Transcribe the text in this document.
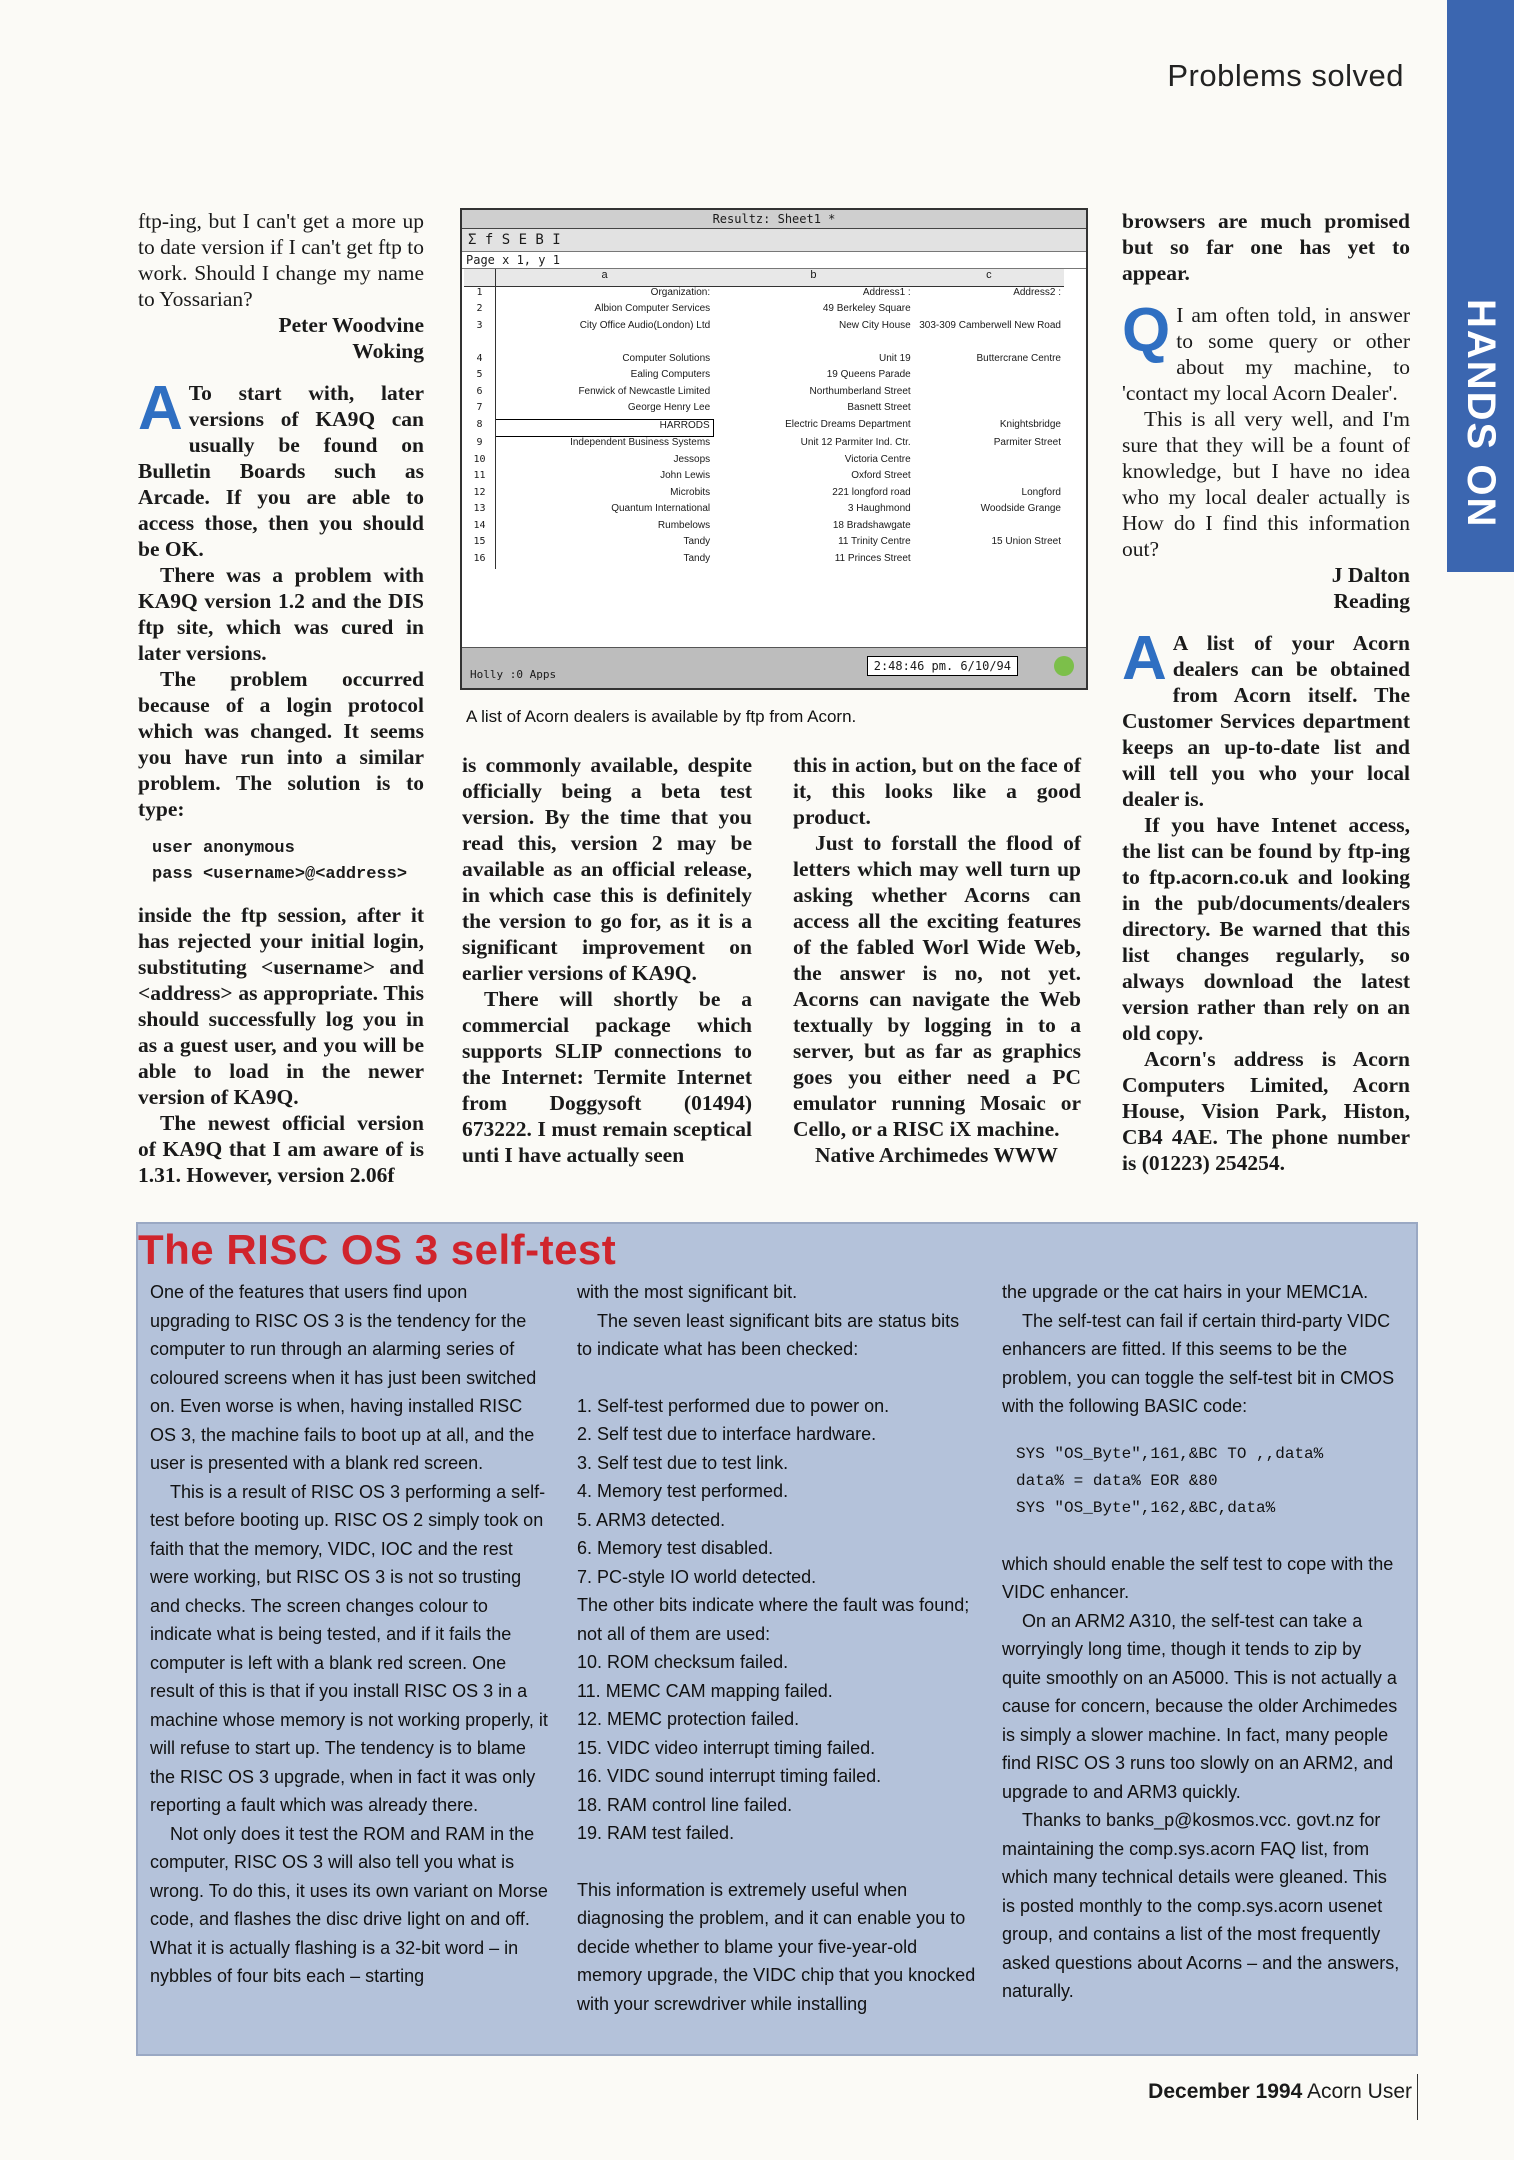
Problems solved
HANDS ON

ftp-ing, but I can't get a more up to date version if I can't get ftp to work. Should I change my name to Yossarian?

Peter Woodvine
Woking
A To start with, later versions of KA9Q can usually be found on Bulletin Boards such as Arcade. If you are able to access those, then you should be OK.

There was a problem with KA9Q version 1.2 and the DIS ftp site, which was cured in later versions.

The problem occurred because of a login protocol which was changed. It seems you have run into a similar problem. The solution is to type:

user anonymous
pass <username>@<address>

inside the ftp session, after it has rejected your initial login, substituting <username> and <address> as appropriate. This should successfully log you in as a guest user, and you will be able to load in the newer version of KA9Q.

The newest official version of KA9Q that I am aware of is 1.31. However, version 2.06f

Resultz: Sheet1 *
Σ f S E B I
Page x 1, y 1
	a	b	c
1	Organization:	Address1 :	Address2 :
2	Albion Computer Services	49 Berkeley Square	
3	City Office Audio(London) Ltd	New City House	303-309 Camberwell New Road
4	Computer Solutions	Unit 19	Buttercrane Centre
5	Ealing Computers	19 Queens Parade	
6	Fenwick of Newcastle Limited	Northumberland Street	
7	George Henry Lee	Basnett Street	
8	HARRODS	Electric Dreams Department	Knightsbridge
9	Independent Business Systems	Unit 12 Parmiter Ind. Ctr.	Parmiter Street
10	Jessops	Victoria Centre	
11	John Lewis	Oxford Street	
12	Microbits	221 longford road	Longford
13	Quantum International	3 Haughmond	Woodside Grange
14	Rumbelows	18 Bradshawgate	
15	Tandy	11 Trinity Centre	15 Union Street
16	Tandy	11 Princes Street	
Holly :0 Apps
2:48:46 pm. 6/10/94
A list of Acorn dealers is available by ftp from Acorn.

is commonly available, despite officially being a beta test version. By the time that you read this, version 2 may be available as an official release, in which case this is definitely the version to go for, as it is a significant improvement on earlier versions of KA9Q.

There will shortly be a commercial package which supports SLIP connections to the Internet: Termite Internet from Doggysoft (01494) 673222. I must remain sceptical unti I have actually seen

this in action, but on the face of it, this looks like a good product.

Just to forstall the flood of letters which may well turn up asking whether Acorns can access all the exciting features of the fabled Worl Wide Web, the answer is no, not yet. Acorns can navigate the Web textually by logging in to a server, but as far as graphics goes you either need a PC emulator running Mosaic or Cello, or a RISC iX machine.

Native Archimedes WWW

browsers are much promised but so far one has yet to appear.

Q I am often told, in answer to some query or other about my machine, to 'contact my local Acorn Dealer'.

This is all very well, and I'm sure that they will be a fount of knowledge, but I have no idea who my local dealer actually is How do I find this information out?

J Dalton
Reading
A A list of your Acorn dealers can be obtained from Acorn itself. The Customer Services department keeps an up-to-date list and will tell you who your local dealer is.

If you have Intenet access, the list can be found by ftp-ing to ftp.acorn.co.uk and looking in the pub/documents/dealers directory. Be warned that this list changes regularly, so always download the latest version rather than rely on an old copy.

Acorn's address is Acorn Computers Limited, Acorn House, Vision Park, Histon, CB4 4AE. The phone number is (01223) 254254.

The RISC OS 3 self-test

One of the features that users find upon upgrading to RISC OS 3 is the tendency for the computer to run through an alarming series of coloured screens when it has just been switched on. Even worse is when, having installed RISC OS 3, the machine fails to boot up at all, and the user is presented with a blank red screen.

This is a result of RISC OS 3 performing a self-test before booting up. RISC OS 2 simply took on faith that the memory, VIDC, IOC and the rest were working, but RISC OS 3 is not so trusting and checks. The screen changes colour to indicate what is being tested, and if it fails the computer is left with a blank red screen. One result of this is that if you install RISC OS 3 in a machine whose memory is not working properly, it will refuse to start up. The tendency is to blame the RISC OS 3 upgrade, when in fact it was only reporting a fault which was already there.

Not only does it test the ROM and RAM in the computer, RISC OS 3 will also tell you what is wrong. To do this, it uses its own variant on Morse code, and flashes the disc drive light on and off. What it is actually flashing is a 32-bit word – in nybbles of four bits each – starting

with the most significant bit.

The seven least significant bits are status bits to indicate what has been checked:

1. Self-test performed due to power on.
2. Self test due to interface hardware.
3. Self test due to test link.
4. Memory test performed.
5. ARM3 detected.
6. Memory test disabled.
7. PC-style IO world detected.

The other bits indicate where the fault was found; not all of them are used:

10. ROM checksum failed.
11. MEMC CAM mapping failed.
12. MEMC protection failed.
15. VIDC video interrupt timing failed.
16. VIDC sound interrupt timing failed.
18. RAM control line failed.
19. RAM test failed.

This information is extremely useful when diagnosing the problem, and it can enable you to decide whether to blame your five-year-old memory upgrade, the VIDC chip that you knocked with your screwdriver while installing

the upgrade or the cat hairs in your MEMC1A.

The self-test can fail if certain third-party VIDC enhancers are fitted. If this seems to be the problem, you can toggle the self-test bit in CMOS with the following BASIC code:

SYS "OS_Byte",161,&BC TO ,,data%
data% = data% EOR &80
SYS "OS_Byte",162,&BC,data%

which should enable the self test to cope with the VIDC enhancer.

On an ARM2 A310, the self-test can take a worryingly long time, though it tends to zip by quite smoothly on an A5000. This is not actually a cause for concern, because the older Archimedes is simply a slower machine. In fact, many people find RISC OS 3 runs too slowly on an ARM2, and upgrade to and ARM3 quickly.

Thanks to banks_p@kosmos.vcc. govt.nz for maintaining the comp.sys.acorn FAQ list, from which many technical details were gleaned. This is posted monthly to the comp.sys.acorn usenet group, and contains a list of the most frequently asked questions about Acorns – and the answers, naturally.

December 1994 Acorn User
